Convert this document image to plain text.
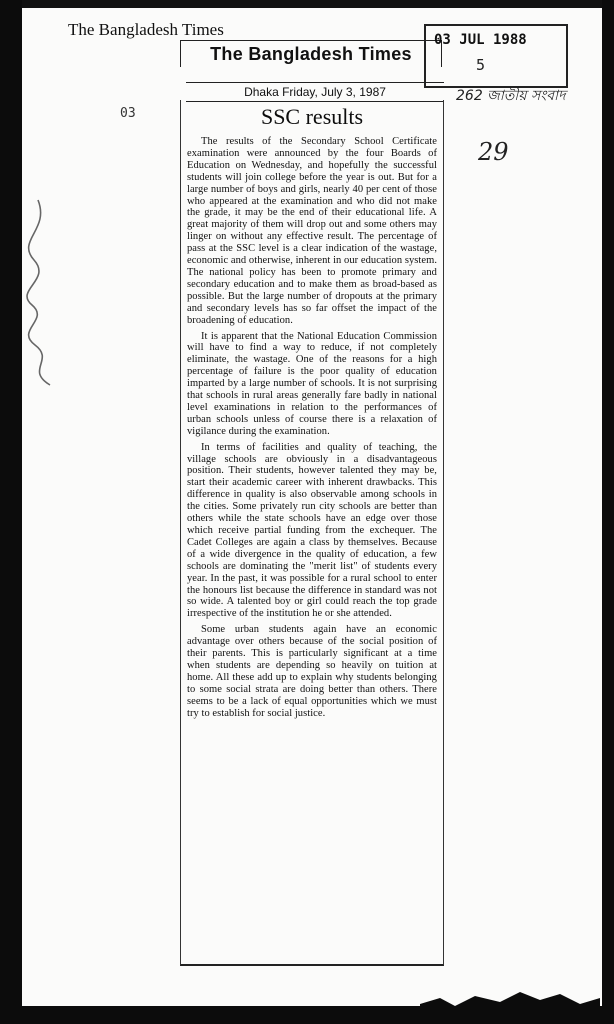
The Bangladesh Times
The Bangladesh Times
03 JUL 1988
5
Dhaka Friday, July 3, 1987	262 জাতীয় সংবাদ
29
03	SSC results

The results of the Secondary School Certificate examination were announced by the four Boards of Education on Wednesday, and hopefully the successful students will join college before the year is out. But for a large number of boys and girls, nearly 40 per cent of those who appeared at the examination and who did not make the grade, it may be the end of their educational life. A great majority of them will drop out and some others may linger on without any effective result. The percentage of pass at the SSC level is a clear indication of the wastage, economic and otherwise, inherent in our education system. The national policy has been to promote primary and secondary education and to make them as broad-based as possible. But the large number of dropouts at the primary and secondary levels has so far offset the impact of the broadening of education.

It is apparent that the National Education Commission will have to find a way to reduce, if not completely eliminate, the wastage. One of the reasons for a high percentage of failure is the poor quality of education imparted by a large number of schools. It is not surprising that schools in rural areas generally fare badly in national level examinations in relation to the performances of urban schools unless of course there is a relaxation of vigilance during the examination.

In terms of facilities and quality of teaching, the village schools are obviously in a disadvantageous position. Their students, however talented they may be, start their academic career with inherent drawbacks. This difference in quality is also observable among schools in the cities. Some privately run city schools are better than others while the state schools have an edge over those which receive partial funding from the exchequer. The Cadet Colleges are again a class by themselves. Because of a wide divergence in the quality of education, a few schools are dominating the "merit list" of students every year. In the past, it was possible for a rural school to enter the honours list because the difference in standard was not so wide. A talented boy or girl could reach the top grade irrespective of the institution he or she attended.

Some urban students again have an economic advantage over others because of the social position of their parents. This is particularly significant at a time when students are depending so heavily on tuition at home. All these add up to explain why students belonging to some social strata are doing better than others. There seems to be a lack of equal opportunities which we must try to establish for social justice.
